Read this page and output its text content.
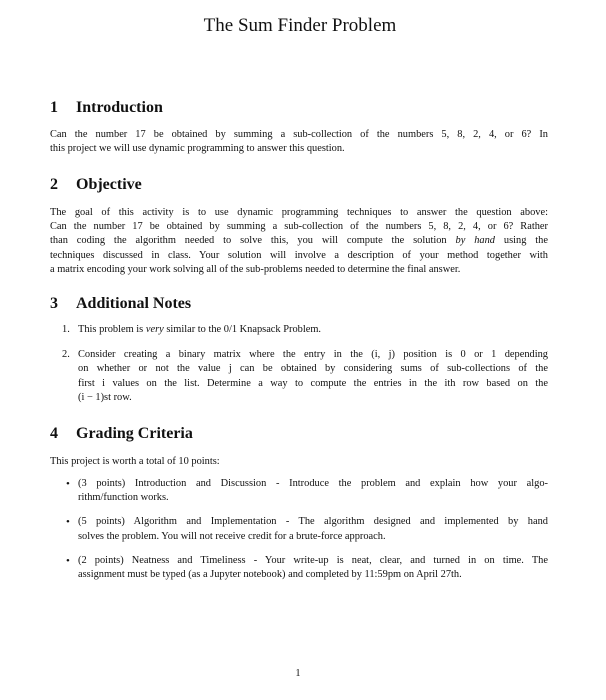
The Sum Finder Problem
1	Introduction

Can the number 17 be obtained by summing a sub-collection of the numbers 5, 8, 2, 4, or 6? In
this project we will use dynamic programming to answer this question.

2	Objective

The goal of this activity is to use dynamic programming techniques to answer the question above:
Can the number 17 be obtained by summing a sub-collection of the numbers 5, 8, 2, 4, or 6? Rather
than coding the algorithm needed to solve this, you will compute the solution by hand using the
techniques discussed in class. Your solution will involve a description of your method together with
a matrix encoding your work solving all of the sub-problems needed to determine the final answer.

3	Additional Notes
1. This problem is very similar to the 0/1 Knapsack Problem.
2. Consider creating a binary matrix where the entry in the (i, j) position is 0 or 1 depending
on whether or not the value j can be obtained by considering sums of sub-collections of the
first i values on the list. Determine a way to compute the entries in the ith row based on the
(i − 1)st row.
4	Grading Criteria

This project is worth a total of 10 points:

• (3 points) Introduction and Discussion - Introduce the problem and explain how your algo-
rithm/function works.
• (5 points) Algorithm and Implementation - The algorithm designed and implemented by hand
solves the problem. You will not receive credit for a brute-force approach.
• (2 points) Neatness and Timeliness - Your write-up is neat, clear, and turned in on time. The
assignment must be typed (as a Jupyter notebook) and completed by 11:59pm on April 27th.
1
